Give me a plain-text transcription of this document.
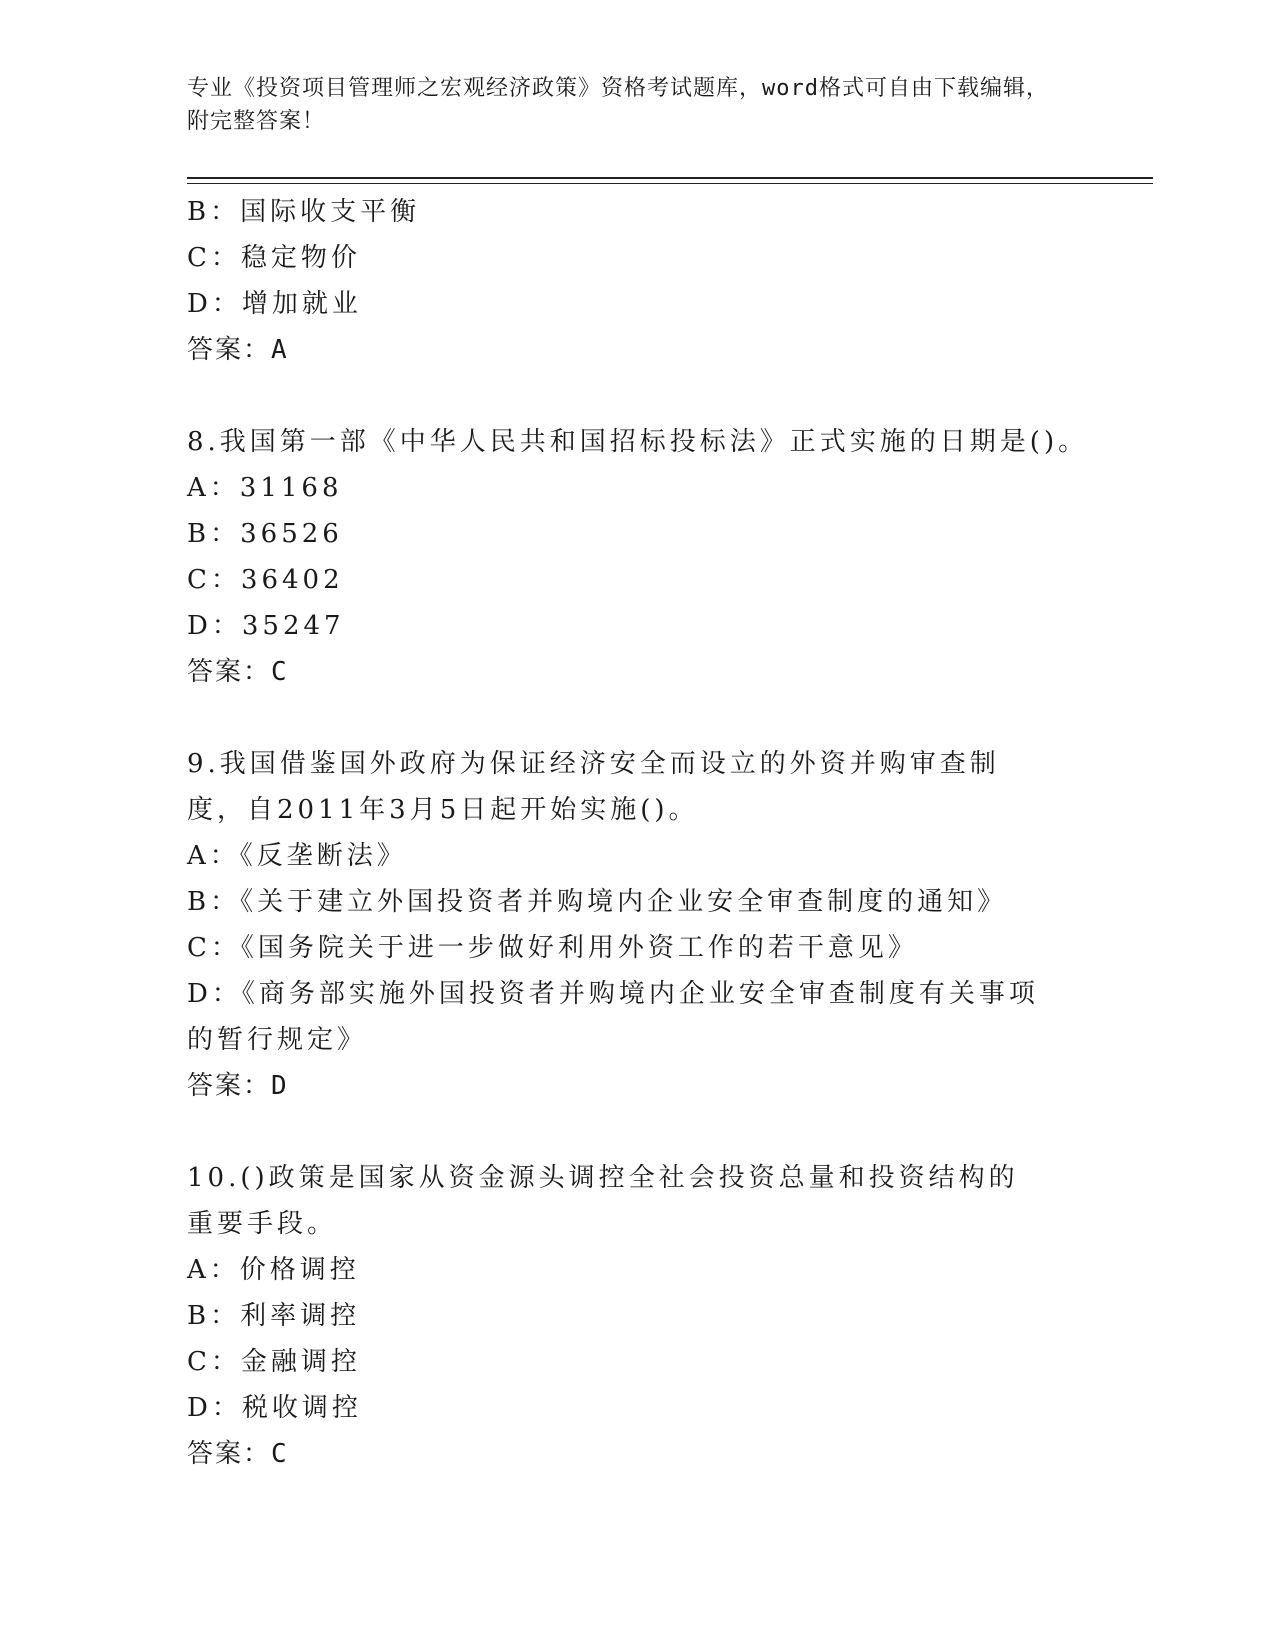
专业《投资项目管理师之宏观经济政策》资格考试题库，word格式可自由下载编辑，附完整答案！
B：国际收支平衡
C：稳定物价
D：增加就业
答案：A
8.我国第一部《中华人民共和国招标投标法》正式实施的日期是()。
A：31168
B：36526
C：36402
D：35247
答案：C
9.我国借鉴国外政府为保证经济安全而设立的外资并购审查制度，自2011年3月5日起开始实施()。
A：《反垄断法》
B：《关于建立外国投资者并购境内企业安全审查制度的通知》
C：《国务院关于进一步做好利用外资工作的若干意见》
D：《商务部实施外国投资者并购境内企业安全审查制度有关事项的暂行规定》
答案：D
10.()政策是国家从资金源头调控全社会投资总量和投资结构的重要手段。
A：价格调控
B：利率调控
C：金融调控
D：税收调控
答案：C
